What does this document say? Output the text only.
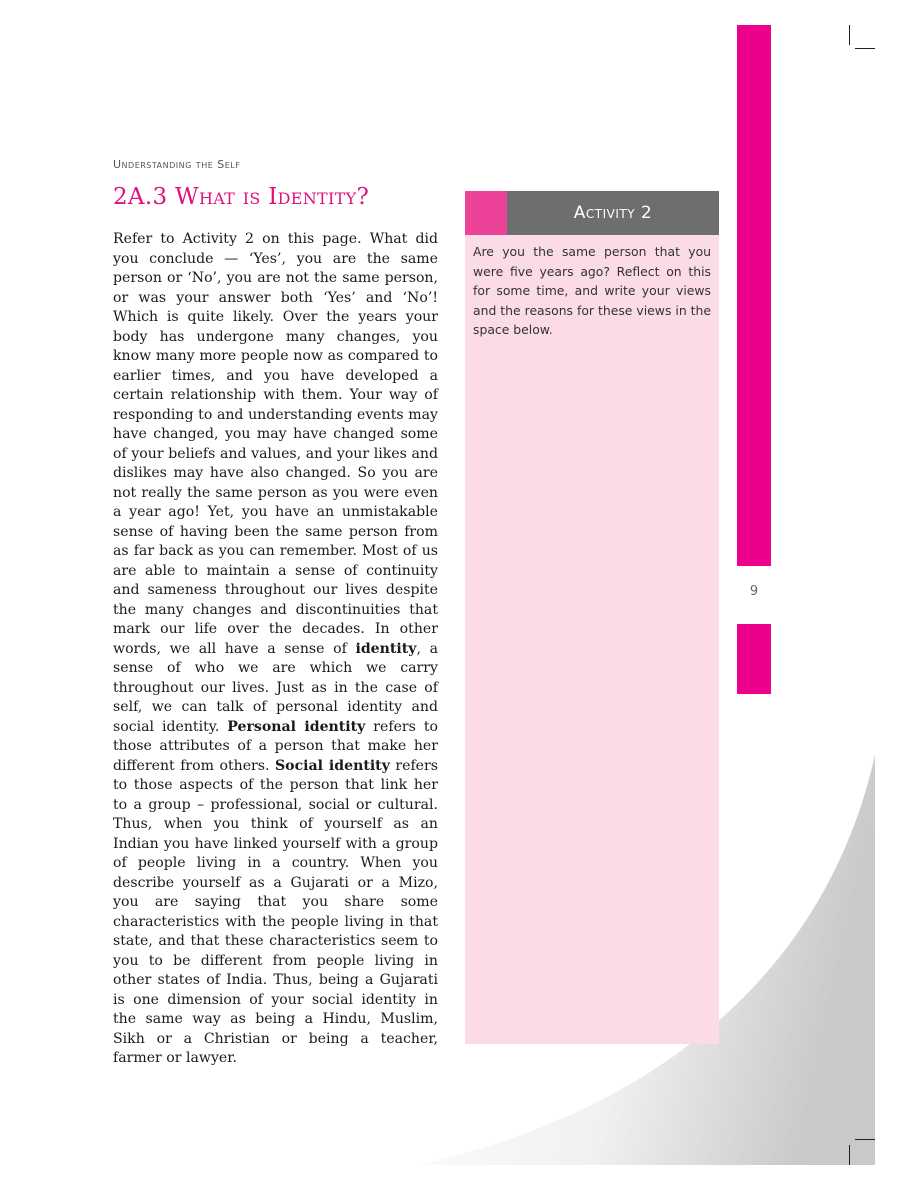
9
Understanding the Self
2A.3 What is Identity?

Refer to Activity 2 on this page. What did you conclude — ‘Yes’, you are the same person or ‘No’, you are not the same person, or was your answer both ‘Yes’ and ‘No’! Which is quite likely. Over the years your body has undergone many changes, you know many more people now as compared to earlier times, and you have developed a certain relationship with them. Your way of responding to and understanding events may have changed, you may have changed some of your beliefs and values, and your likes and dislikes may have also changed. So you are not really the same person as you were even a year ago! Yet, you have an unmistakable sense of having been the same person from as far back as you can remember. Most of us are able to maintain a sense of continuity and sameness throughout our lives despite the many changes and discontinuities that mark our life over the decades. In other words, we all have a sense of identity, a sense of who we are which we carry throughout our lives. Just as in the case of self, we can talk of personal identity and social identity. Personal identity refers to those attributes of a person that make her different from others. Social identity refers to those aspects of the person that link her to a group – professional, social or cultural. Thus, when you think of yourself as an Indian you have linked yourself with a group of people living in a country. When you describe yourself as a Gujarati or a Mizo, you are saying that you share some characteristics with the people living in that state, and that these characteristics seem to you to be different from people living in other states of India. Thus, being a Gujarati is one dimension of your social identity in the same way as being a Hindu, Muslim, Sikh or a Christian or being a teacher, farmer or lawyer.

Activity 2

Are you the same person that you were five years ago? Reflect on this for some time, and write your views and the reasons for these views in the space below.
